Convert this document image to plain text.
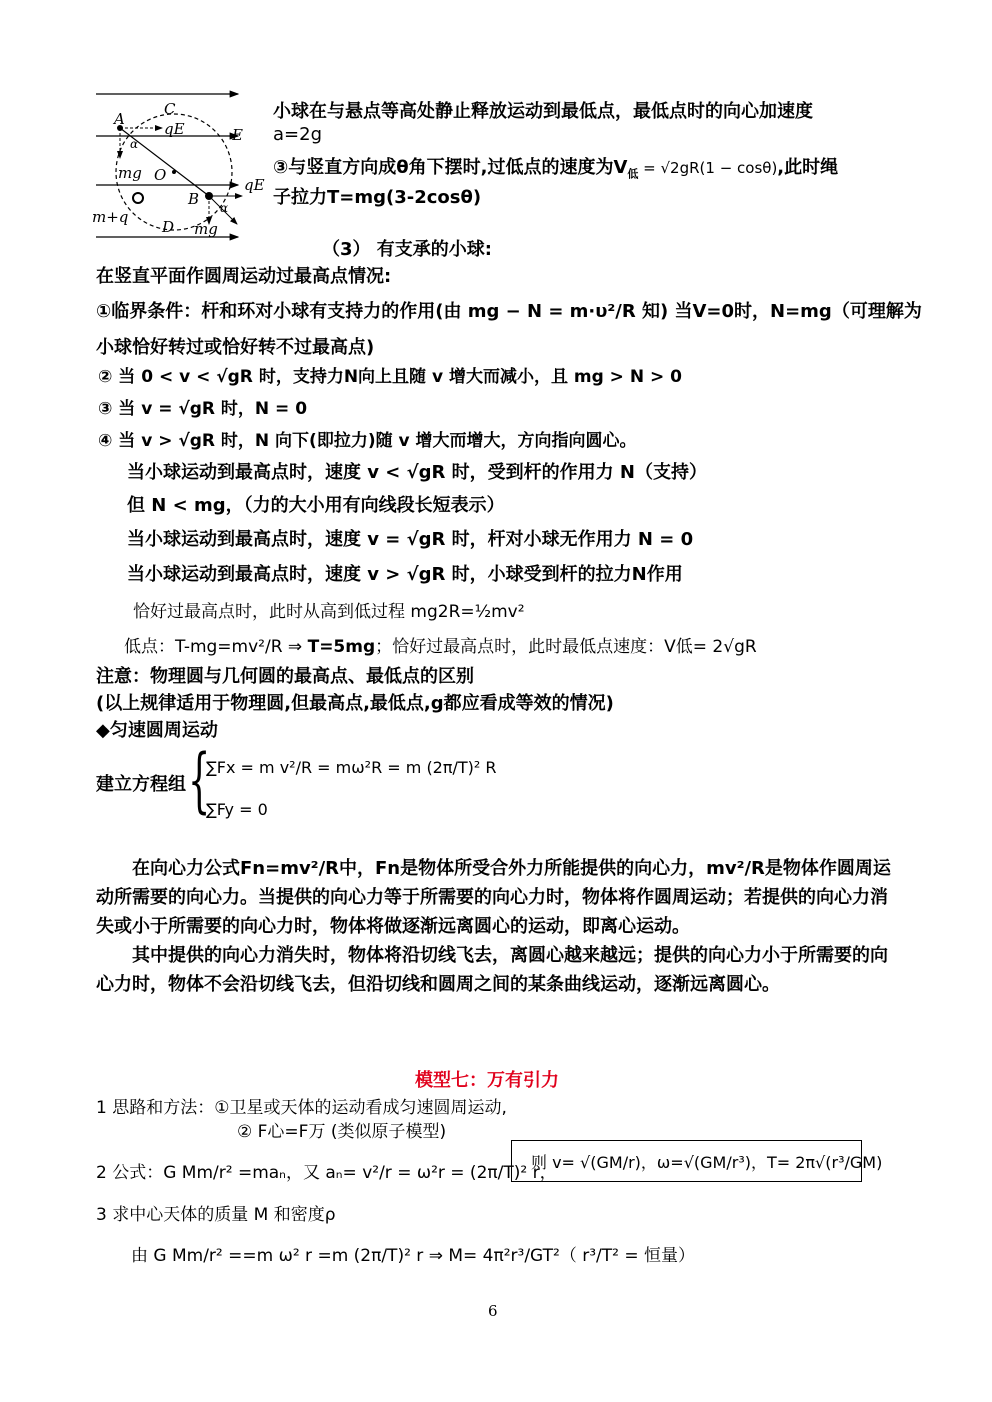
A
C
qE	E
α
mg O
B
qE
α
m+q
D mg
小球在与悬点等高处静止释放运动到最低点，最低点时的向心加速度
a=2g
③与竖直方向成θ角下摆时,过低点的速度为$V_低 = √2gR(1 - \cos\theta)$,此时绳
子拉力T=mg(3-2cosθ)
（3） 有支承的小球:
在竖直平面作圆周运动过最高点情况:
①临界条件：杆和环对小球有支持力的作用(由 mg − N = m·υ²/R 知) 当V=0时，N=mg（可理解为
小球恰好转过或恰好转不过最高点)
② 当 0 < v < √gR 时，支持力N向上且随 v 增大而减小，且 mg > N > 0
③ 当 v = √gR 时，N = 0
④ 当 v > √gR 时，N 向下(即拉力)随 v 增大而增大，方向指向圆心。
当小球运动到最高点时，速度 v < √gR 时，受到杆的作用力 N（支持）
但 N < mg，（力的大小用有向线段长短表示）
当小球运动到最高点时，速度 v = √gR 时，杆对小球无作用力 N = 0
当小球运动到最高点时，速度 v > √gR 时，小球受到杆的拉力N作用
恰好过最高点时，此时从高到低过程 mg2R=½mv²
低点：T-mg=mv²/R ⇒ T=5mg；恰好过最高点时，此时最低点速度：V低= 2√gR
注意：物理圆与几何圆的最高点、最低点的区别
(以上规律适用于物理圆,但最高点,最低点,g都应看成等效的情况)
◆匀速圆周运动
建立方程组 {
∑Fx = m v²/R = mω²R = m (2π/T)² R
∑Fy = 0
在向心力公式Fn=mv²/R中，Fn是物体所受合外力所能提供的向心力，mv²/R是物体作圆周运动所需要的向心力。当提供的向心力等于所需要的向心力时，物体将作圆周运动；若提供的向心力消失或小于所需要的向心力时，物体将做逐渐远离圆心的运动，即离心运动。
其中提供的向心力消失时，物体将沿切线飞去，离圆心越来越远；提供的向心力小于所需要的向心力时，物体不会沿切线飞去，但沿切线和圆周之间的某条曲线运动，逐渐远离圆心。
模型七：万有引力
1 思路和方法：①卫星或天体的运动看成匀速圆周运动,
② F心=F万 (类似原子模型)
2 公式：G Mm/r² =maₙ，又 aₙ= v²/r = ω²r = (2π/T)² r，
则 v= √(GM/r)，ω=√(GM/r³)，T= 2π√(r³/GM)
3 求中心天体的质量 M 和密度ρ
由 G Mm/r² ==m ω² r =m (2π/T)² r ⇒ M= 4π²r³/GT²（ r³/T² = 恒量）
6
